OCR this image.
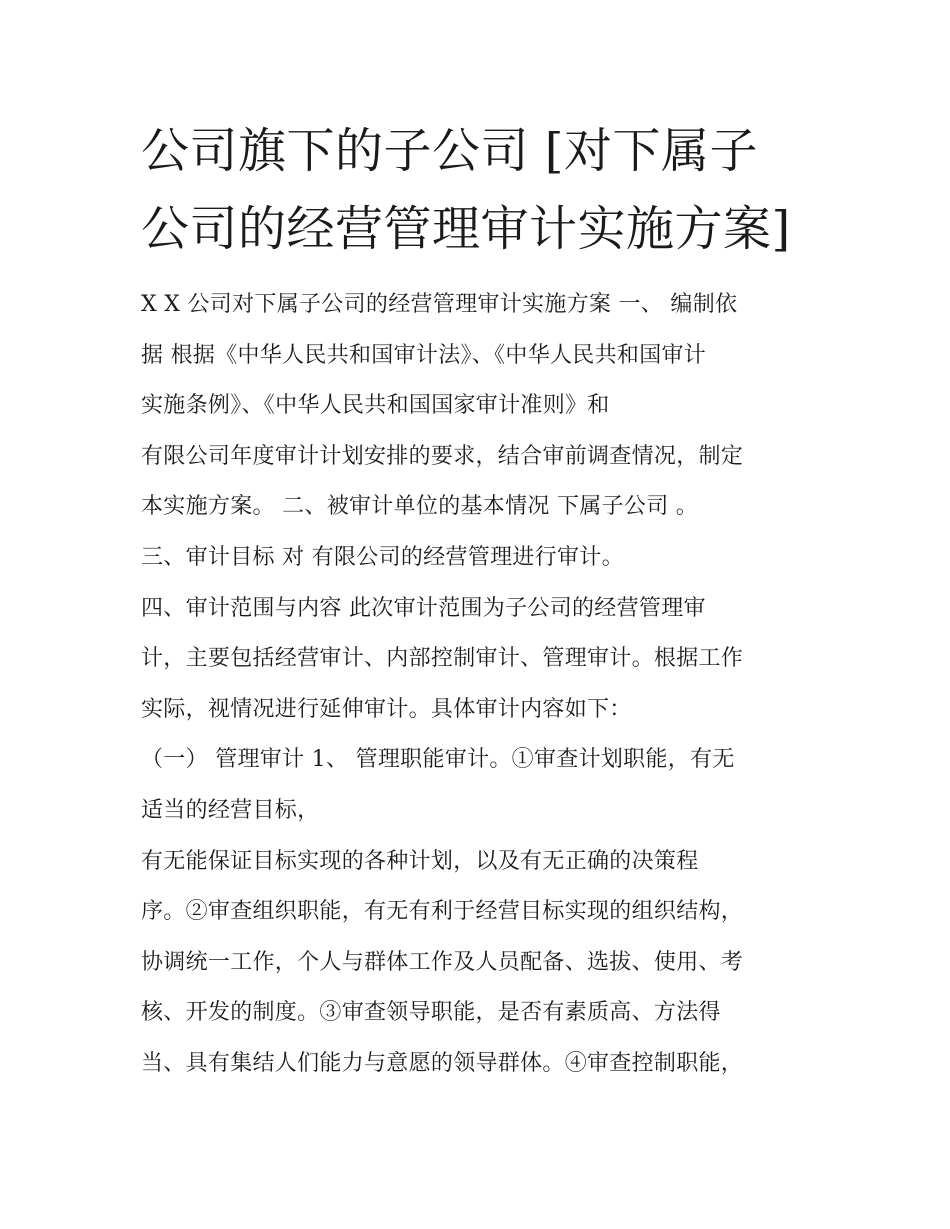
公司旗下的子公司 [对下属子
公司的经营管理审计实施方案]
X X 公司对下属子公司的经营管理审计实施方案 一、 编制依
据 根据《中华人民共和国审计法》、《中华人民共和国审计
实施条例》、《中华人民共和国国家审计准则》和
有限公司年度审计计划安排的要求，结合审前调查情况，制定
本实施方案。 二、被审计单位的基本情况 下属子公司 。
三、审计目标 对 有限公司的经营管理进行审计。
四、审计范围与内容 此次审计范围为子公司的经营管理审
计，主要包括经营审计、内部控制审计、管理审计。根据工作
实际，视情况进行延伸审计。具体审计内容如下：
（一） 管理审计 1、 管理职能审计。①审查计划职能，有无
适当的经营目标，
有无能保证目标实现的各种计划，以及有无正确的决策程
序。②审查组织职能，有无有利于经营目标实现的组织结构，
协调统一工作，个人与群体工作及人员配备、选拔、使用、考
核、开发的制度。③审查领导职能，是否有素质高、方法得
当、具有集结人们能力与意愿的领导群体。④审查控制职能，
